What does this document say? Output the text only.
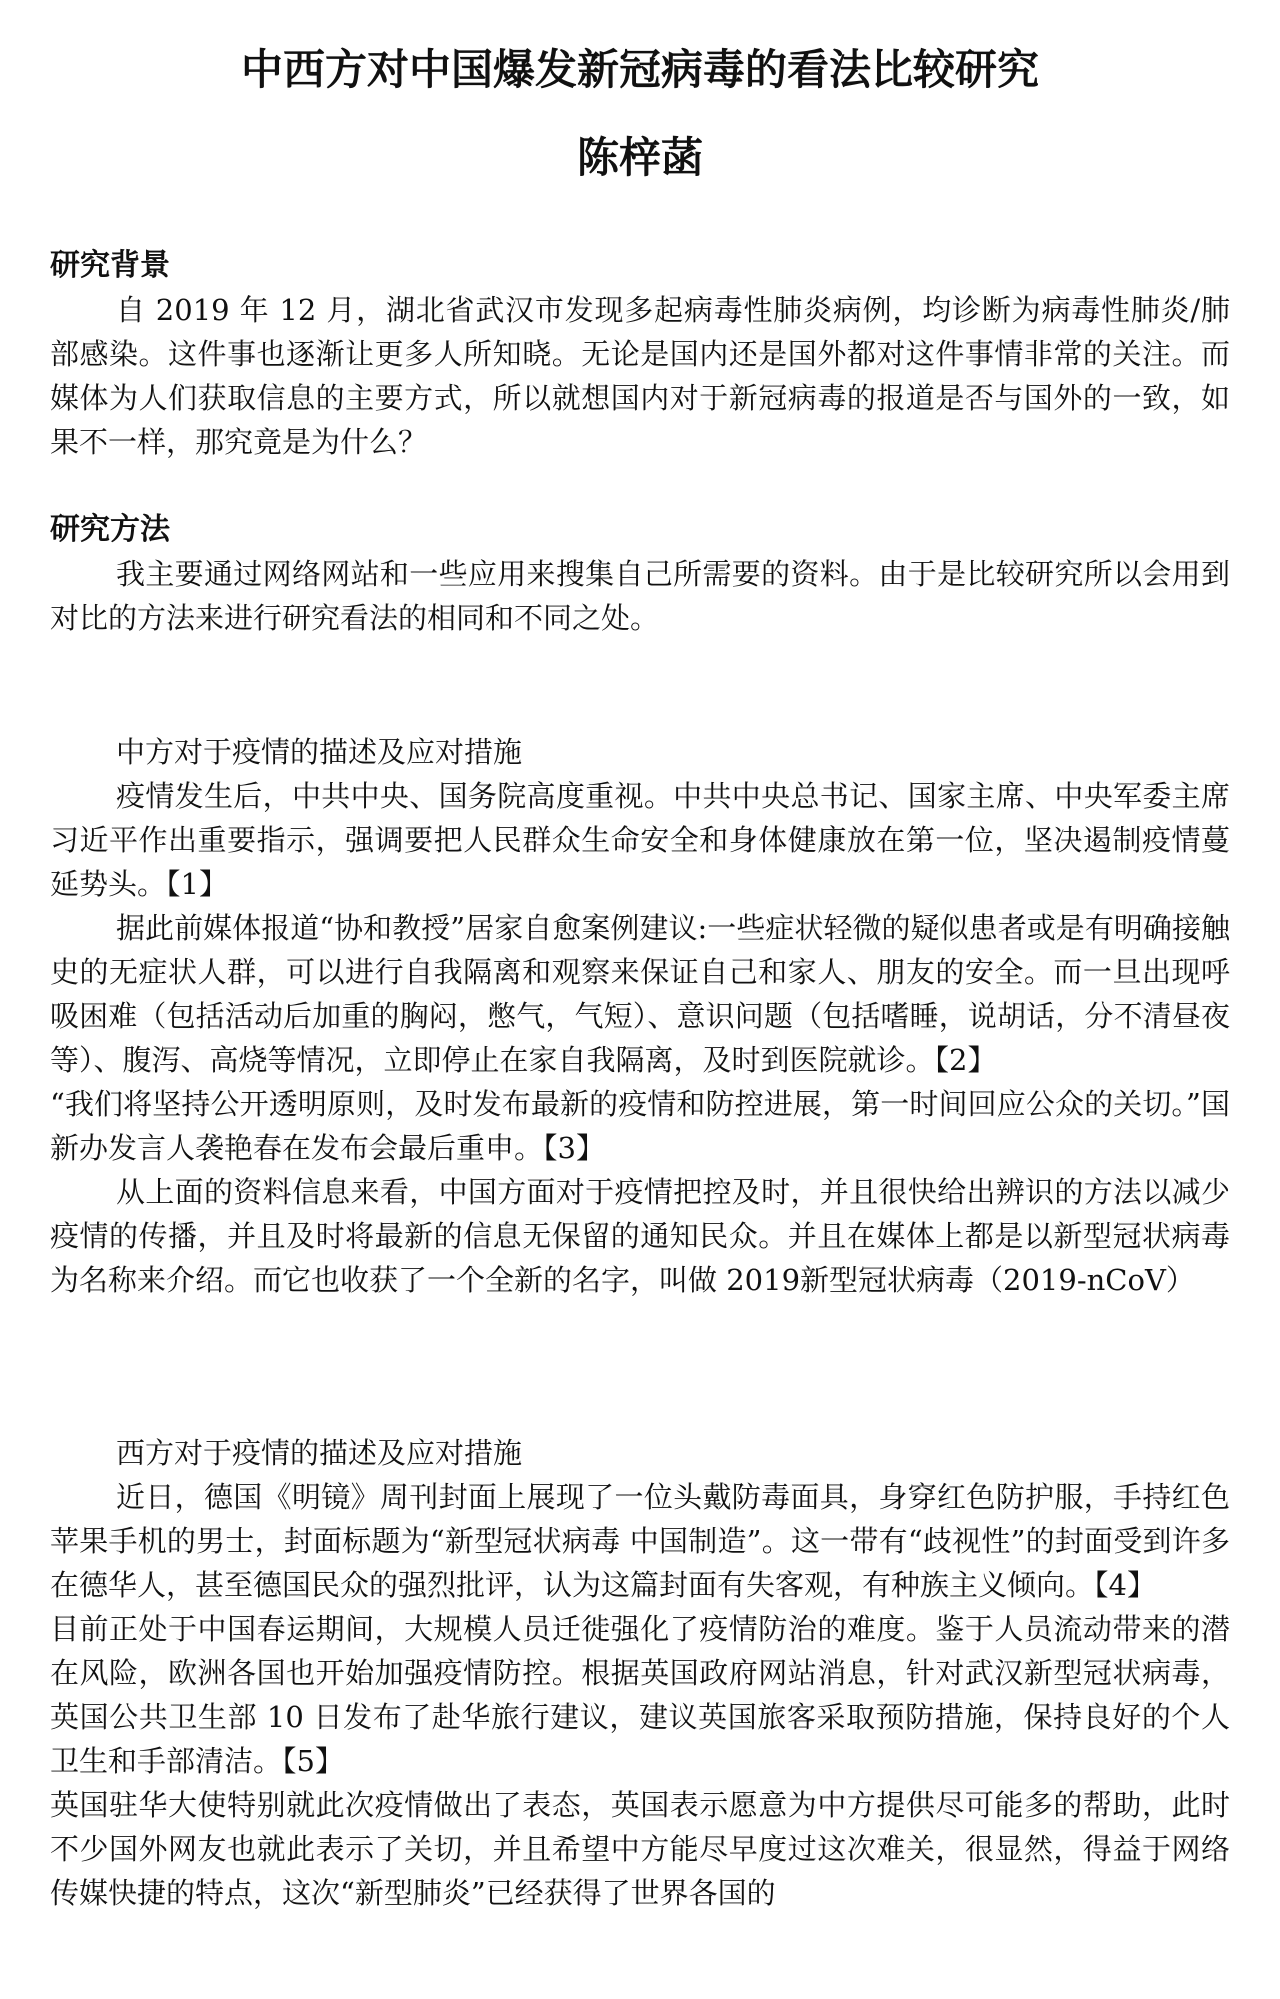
中西方对中国爆发新冠病毒的看法比较研究
陈梓菡

研究背景

自 2019 年 12 月，湖北省武汉市发现多起病毒性肺炎病例，均诊断为病毒性肺炎/肺部感染。这件事也逐渐让更多人所知晓。无论是国内还是国外都对这件事情非常的关注。而媒体为人们获取信息的主要方式，所以就想国内对于新冠病毒的报道是否与国外的一致，如果不一样，那究竟是为什么？

研究方法

我主要通过网络网站和一些应用来搜集自己所需要的资料。由于是比较研究所以会用到对比的方法来进行研究看法的相同和不同之处。

中方对于疫情的描述及应对措施

疫情发生后，中共中央、国务院高度重视。中共中央总书记、国家主席、中央军委主席习近平作出重要指示，强调要把人民群众生命安全和身体健康放在第一位，坚决遏制疫情蔓延势头。【1】

据此前媒体报道“协和教授”居家自愈案例建议:一些症状轻微的疑似患者或是有明确接触史的无症状人群，可以进行自我隔离和观察来保证自己和家人、朋友的安全。而一旦出现呼吸困难（包括活动后加重的胸闷，憋气，气短）、意识问题（包括嗜睡，说胡话，分不清昼夜等）、腹泻、高烧等情况，立即停止在家自我隔离，及时到医院就诊。【2】

“我们将坚持公开透明原则，及时发布最新的疫情和防控进展，第一时间回应公众的关切。”国新办发言人袭艳春在发布会最后重申。【3】

从上面的资料信息来看，中国方面对于疫情把控及时，并且很快给出辨识的方法以减少疫情的传播，并且及时将最新的信息无保留的通知民众。并且在媒体上都是以新型冠状病毒为名称来介绍。而它也收获了一个全新的名字，叫做 2019新型冠状病毒（2019-nCoV）

西方对于疫情的描述及应对措施

近日，德国《明镜》周刊封面上展现了一位头戴防毒面具，身穿红色防护服，手持红色苹果手机的男士，封面标题为“新型冠状病毒 中国制造”。这一带有“歧视性”的封面受到许多在德华人，甚至德国民众的强烈批评，认为这篇封面有失客观，有种族主义倾向。【4】

目前正处于中国春运期间，大规模人员迁徙强化了疫情防治的难度。鉴于人员流动带来的潜在风险，欧洲各国也开始加强疫情防控。根据英国政府网站消息，针对武汉新型冠状病毒，英国公共卫生部 10 日发布了赴华旅行建议，建议英国旅客采取预防措施，保持良好的个人卫生和手部清洁。【5】

英国驻华大使特别就此次疫情做出了表态，英国表示愿意为中方提供尽可能多的帮助，此时不少国外网友也就此表示了关切，并且希望中方能尽早度过这次难关，很显然，得益于网络传媒快捷的特点，这次“新型肺炎”已经获得了世界各国的
